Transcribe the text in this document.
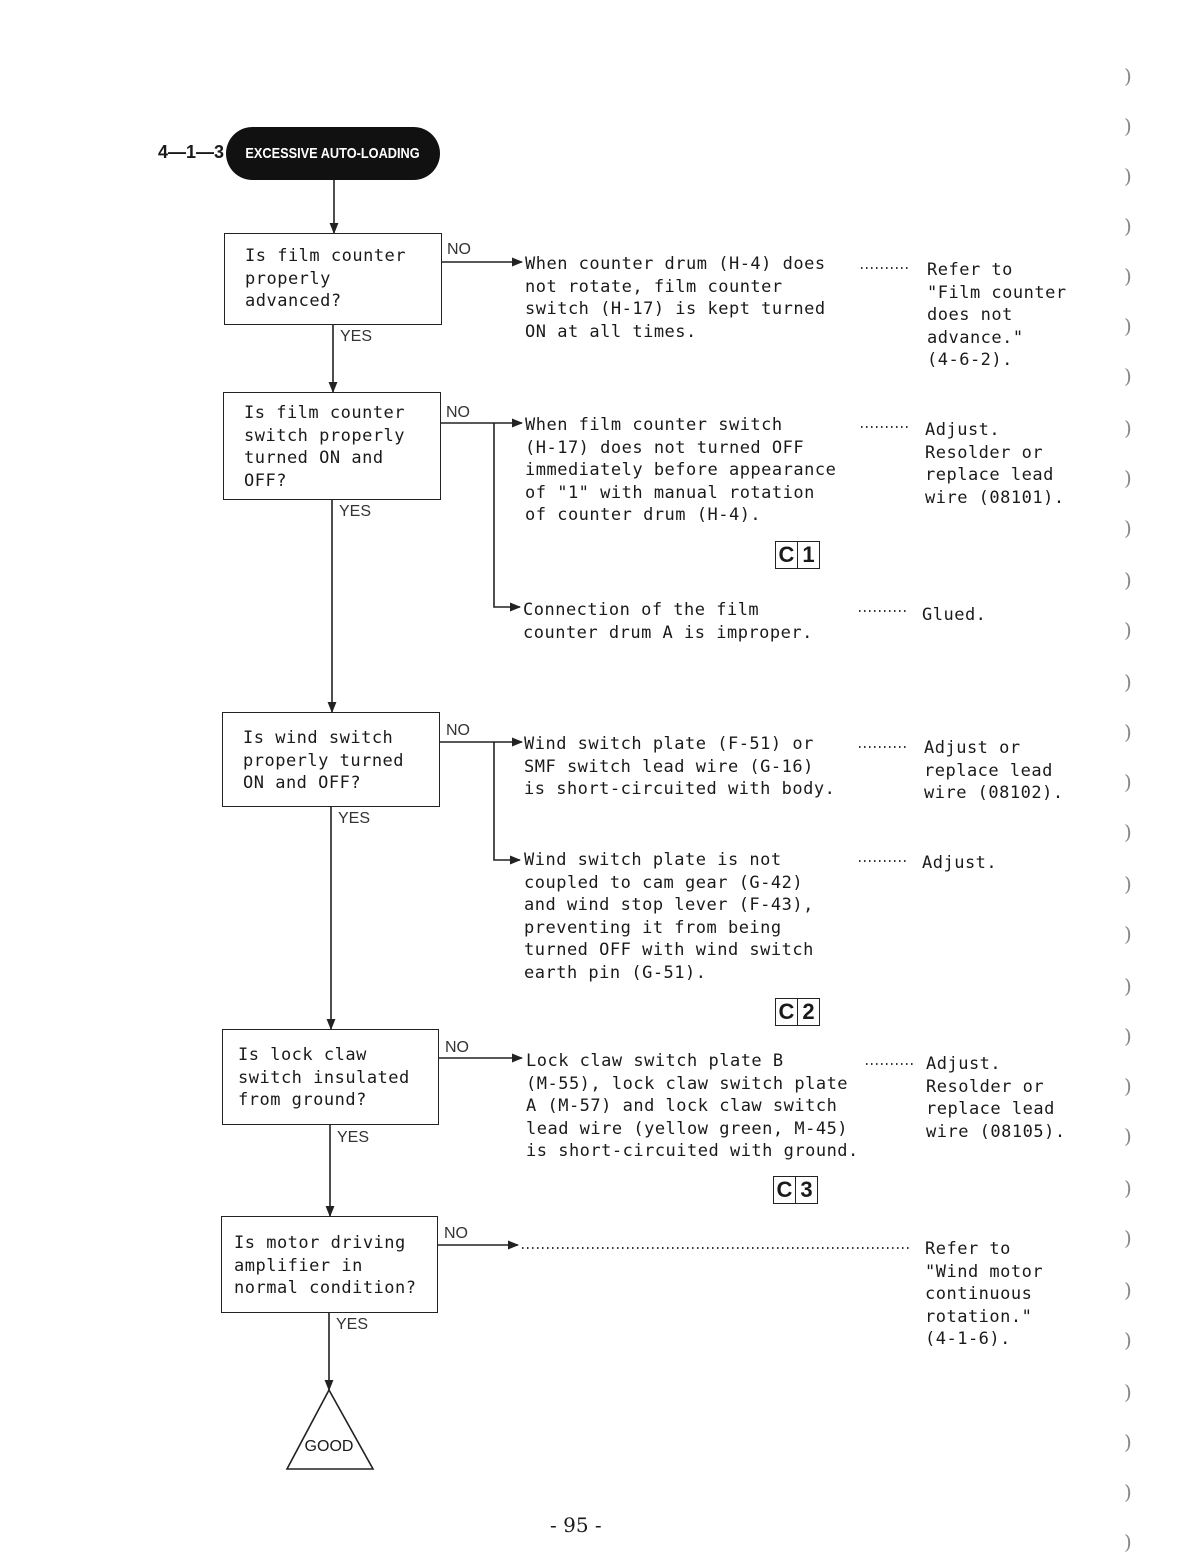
4—1—3 EXCESSIVE AUTO-LOADING
Is film counter
properly
advanced?
Is film counter
switch properly
turned ON and
OFF?
Is wind switch
properly turned
ON and OFF?
Is lock claw
switch insulated
from ground?
Is motor driving
amplifier in
normal condition?
YES
YES
YES
YES
YES
NO
NO
NO
NO
NO
When counter drum (H-4) does
not rotate, film counter
switch (H-17) is kept turned
ON at all times.
When film counter switch
(H-17) does not turned OFF
immediately before appearance
of "1" with manual rotation
of counter drum (H-4).
Connection of the film
counter drum A is improper.
Wind switch plate (F-51) or
SMF switch lead wire (G-16)
is short-circuited with body.
Wind switch plate is not
coupled to cam gear (G-42)
and wind stop lever (F-43),
preventing it from being
turned OFF with wind switch
earth pin (G-51).
Lock claw switch plate B
(M-55), lock claw switch plate
A (M-57) and lock claw switch
lead wire (yellow green, M-45)
is short-circuited with ground.
Refer to
"Film counter
does not
advance."
(4-6-2).
Adjust.
Resolder or
replace lead
wire (08101).
Glued.
Adjust or
replace lead
wire (08102).
Adjust.
Adjust.
Resolder or
replace lead
wire (08105).
Refer to
"Wind motor
continuous
rotation."
(4-1-6).
C 1
C 2
C 3
GOOD
- 95 -
)
)
)
)
)
)
)
)
)
)
)
)
)
)
)
)
)
)
)
)
)
)
)
)
)
)
)
)
)
)
